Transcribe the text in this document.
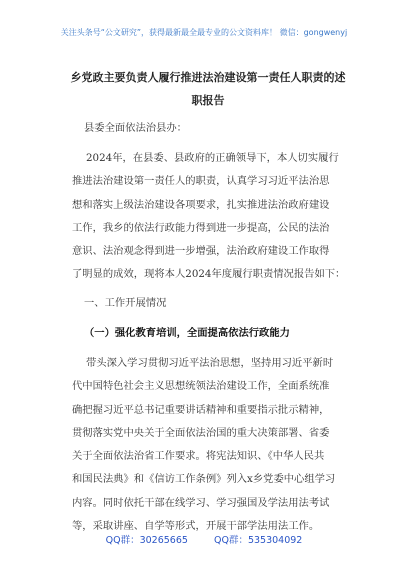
关注头条号“公文研究”，获得最新最全最专业的公文资料库！ 微信：gongwenyj
乡党政主要负责人履行推进法治建设第一责任人职责的述
职报告
县委全面依法治县办：
2024年，在县委、县政府的正确领导下，本人切实履行
推进法治建设第一责任人的职责，认真学习习近平法治思
想和落实上级法治建设各项要求，扎实推进法治政府建设
工作，我乡的依法行政能力得到进一步提高，公民的法治
意识、法治观念得到进一步增强，法治政府建设工作取得
了明显的成效，现将本人2024年度履行职责情况报告如下：
一、工作开展情况
（一）强化教育培训，全面提高依法行政能力
带头深入学习贯彻习近平法治思想，坚持用习近平新时
代中国特色社会主义思想统领法治建设工作，全面系统准
确把握习近平总书记重要讲话精神和重要指示批示精神，
贯彻落实党中央关于全面依法治国的重大决策部署、省委
关于全面依法治省工作要求。将宪法知识、《中华人民共
和国民法典》和《信访工作条例》列入x乡党委中心组学习
内容。同时依托干部在线学习、学习强国及学法用法考试
等，采取讲座、自学等形式，开展干部学法用法工作。
QQ群：30265665	QQ群：535304092
